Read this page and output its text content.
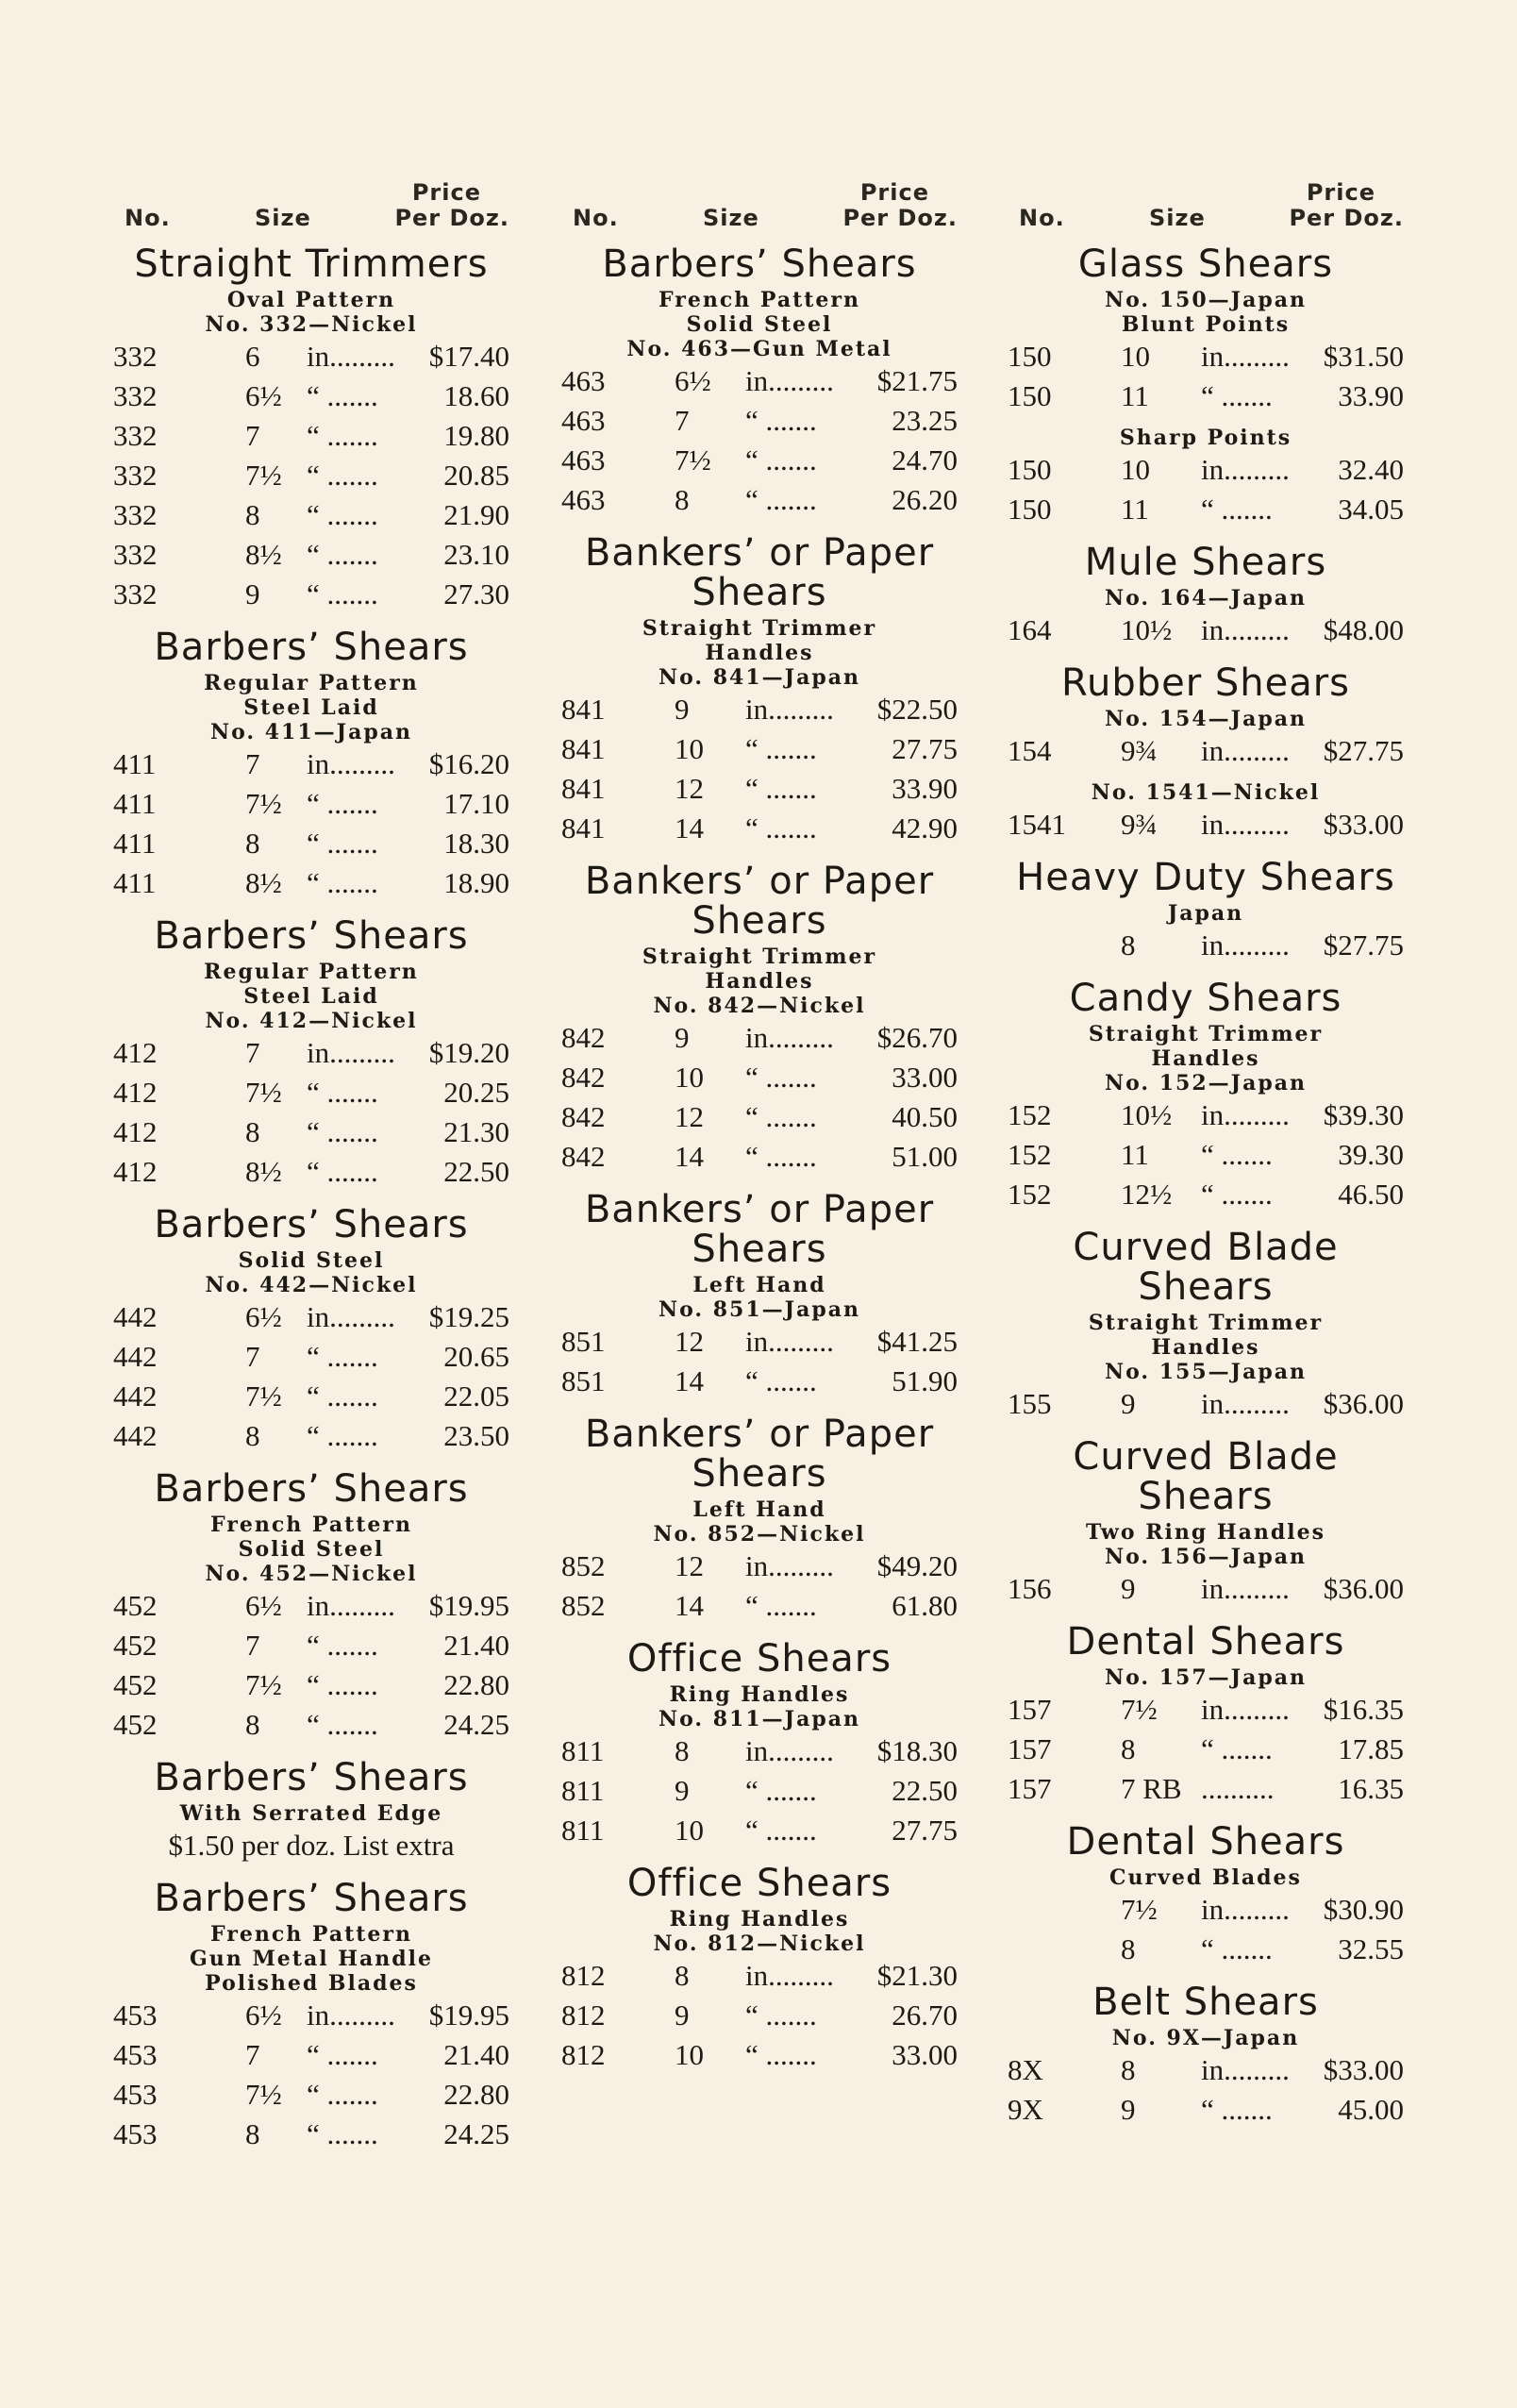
No.	Size
Price
Per Doz.
Straight Trimmers
Oval Pattern
No. 332—Nickel
332	6 in......... $17.40
332	6½ “ ....... 18.60
332	7 “ ....... 19.80
332	7½ “ ....... 20.85
332	8 “ ....... 21.90
332	8½ “ ....... 23.10
332	9 “ ....... 27.30
Barbers’ Shears
Regular Pattern
Steel Laid
No. 411—Japan
411	7 in......... $16.20
411	7½ “ ....... 17.10
411	8 “ ....... 18.30
411	8½ “ ....... 18.90
Barbers’ Shears
Regular Pattern
Steel Laid
No. 412—Nickel
412	7 in......... $19.20
412	7½ “ ....... 20.25
412	8 “ ....... 21.30
412	8½ “ ....... 22.50
Barbers’ Shears
Solid Steel
No. 442—Nickel
442	6½ in......... $19.25
442	7 “ ....... 20.65
442	7½ “ ....... 22.05
442	8 “ ....... 23.50
Barbers’ Shears
French Pattern
Solid Steel
No. 452—Nickel
452	6½ in......... $19.95
452	7 “ ....... 21.40
452	7½ “ ....... 22.80
452	8 “ ....... 24.25
Barbers’ Shears
With Serrated Edge
$1.50 per doz. List extra
Barbers’ Shears
French Pattern
Gun Metal Handle
Polished Blades
453	6½ in......... $19.95
453	7 “ ....... 21.40
453	7½ “ ....... 22.80
453	8 “ ....... 24.25
No.	Size
Price
Per Doz.
Barbers’ Shears
French Pattern
Solid Steel
No. 463—Gun Metal
463 6½ in......... $21.75
463 7 “ .......	23.25
463 7½ “ .......	24.70
463 8 “ .......	26.20
Bankers’ or Paper Shears
Straight Trimmer
Handles
No. 841—Japan
841 9 in......... $22.50
841 10 “ .......	27.75
841 12 “ .......	33.90
841 14 “ .......	42.90
Bankers’ or Paper Shears
Straight Trimmer
Handles
No. 842—Nickel
842 9 in......... $26.70
842 10 “ .......	33.00
842 12 “ .......	40.50
842 14 “ .......	51.00
Bankers’ or Paper Shears
Left Hand
No. 851—Japan
851 12 in......... $41.25
851 14 “ .......	51.90
Bankers’ or Paper Shears
Left Hand
No. 852—Nickel
852 12 in......... $49.20
852 14 “ .......	61.80
Office Shears
Ring Handles
No. 811—Japan
811 8 in......... $18.30
811 9 “ .......	22.50
811 10 “ .......	27.75
Office Shears
Ring Handles
No. 812—Nickel
812 8 in......... $21.30
812 9 “ .......	26.70
812 10 “ .......	33.00
No.	Size
Price
Per Doz.
Glass Shears
No. 150—Japan
Blunt Points
150 10 in......... $31.50
150 11 “ ....... 33.90
Sharp Points
150 10 in......... 32.40
150 11 “ ....... 34.05
Mule Shears
No. 164—Japan
164 10½ in......... $48.00
Rubber Shears
No. 154—Japan
154 9¾ in......... $27.75
No. 1541—Nickel
1541 9¾ in......... $33.00
Heavy Duty Shears
Japan
8 in......... $27.75
Candy Shears
Straight Trimmer
Handles
No. 152—Japan
152 10½ in......... $39.30
152 11 “ ....... 39.30
152 12½ “ ....... 46.50
Curved Blade Shears
Straight Trimmer
Handles
No. 155—Japan
155 9 in......... $36.00
Curved Blade Shears
Two Ring Handles
No. 156—Japan
156 9 in......... $36.00
Dental Shears
No. 157—Japan
157 7½ in......... $16.35
157 8 “ ....... 17.85
157 7 RB .......... 16.35
Dental Shears
Curved Blades
7½ in......... $30.90
8 “ ....... 32.55
Belt Shears
No. 9X—Japan
8X	8 in......... $33.00
9X	9 “ ....... 45.00
